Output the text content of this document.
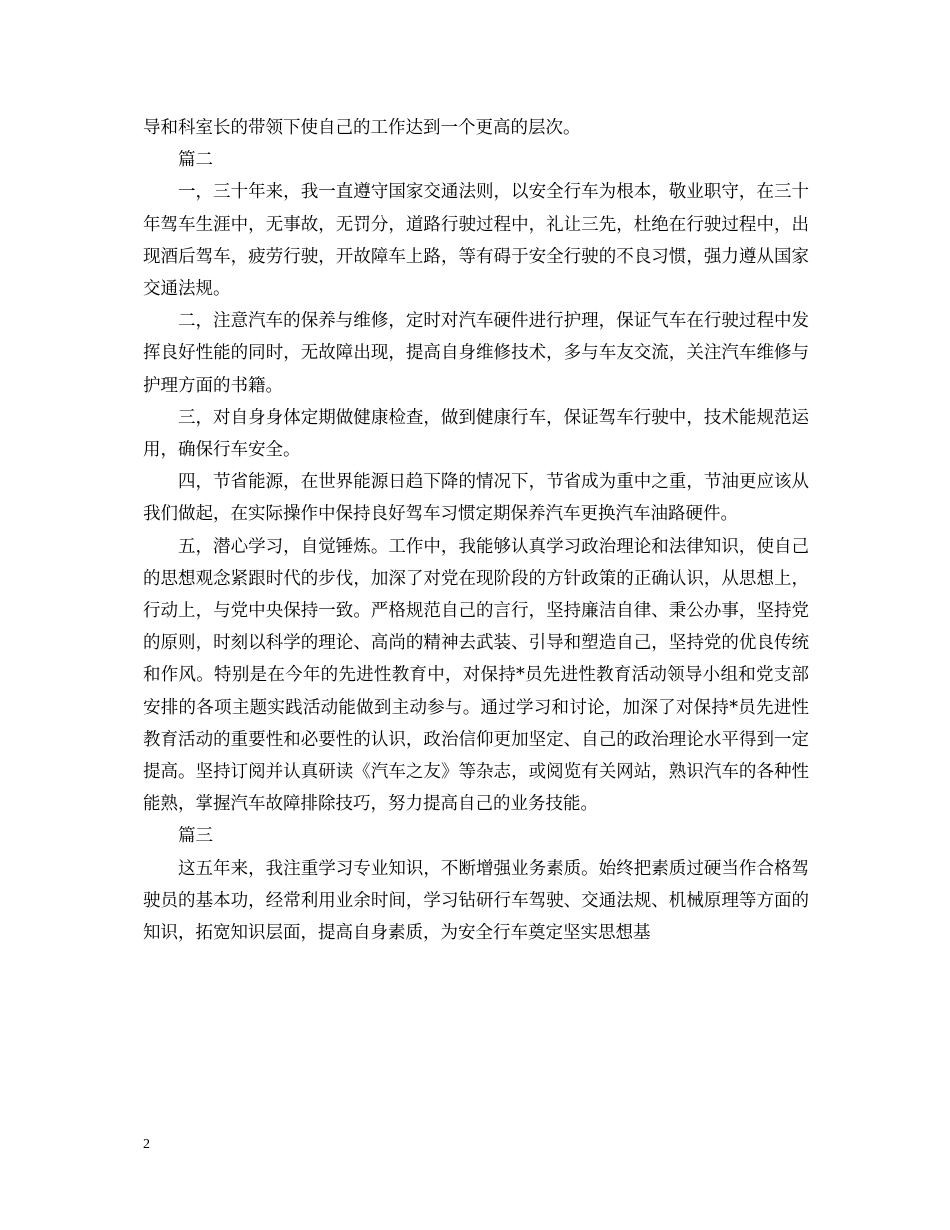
导和科室长的带领下使自己的工作达到一个更高的层次。

篇二

一，三十年来，我一直遵守国家交通法则，以安全行车为根本，敬业职守，在三十年驾车生涯中，无事故，无罚分，道路行驶过程中，礼让三先，杜绝在行驶过程中，出现酒后驾车，疲劳行驶，开故障车上路，等有碍于安全行驶的不良习惯，强力遵从国家交通法规。

二，注意汽车的保养与维修，定时对汽车硬件进行护理，保证气车在行驶过程中发挥良好性能的同时，无故障出现，提高自身维修技术，多与车友交流，关注汽车维修与护理方面的书籍。

三，对自身身体定期做健康检查，做到健康行车，保证驾车行驶中，技术能规范运用，确保行车安全。

四，节省能源，在世界能源日趋下降的情况下，节省成为重中之重，节油更应该从我们做起，在实际操作中保持良好驾车习惯定期保养汽车更换汽车油路硬件。

五，潜心学习，自觉锤炼。工作中，我能够认真学习政治理论和法律知识，使自己的思想观念紧跟时代的步伐，加深了对党在现阶段的方针政策的正确认识，从思想上，行动上，与党中央保持一致。严格规范自己的言行，坚持廉洁自律、秉公办事，坚持党的原则，时刻以科学的理论、高尚的精神去武装、引导和塑造自己，坚持党的优良传统和作风。特别是在今年的先进性教育中，对保持*员先进性教育活动领导小组和党支部安排的各项主题实践活动能做到主动参与。通过学习和讨论，加深了对保持*员先进性教育活动的重要性和必要性的认识，政治信仰更加坚定、自己的政治理论水平得到一定提高。坚持订阅并认真研读《汽车之友》等杂志，或阅览有关网站，熟识汽车的各种性能熟，掌握汽车故障排除技巧，努力提高自己的业务技能。

篇三

这五年来，我注重学习专业知识，不断增强业务素质。始终把素质过硬当作合格驾驶员的基本功，经常利用业余时间，学习钻研行车驾驶、交通法规、机械原理等方面的知识，拓宽知识层面，提高自身素质，为安全行车奠定坚实思想基

2
